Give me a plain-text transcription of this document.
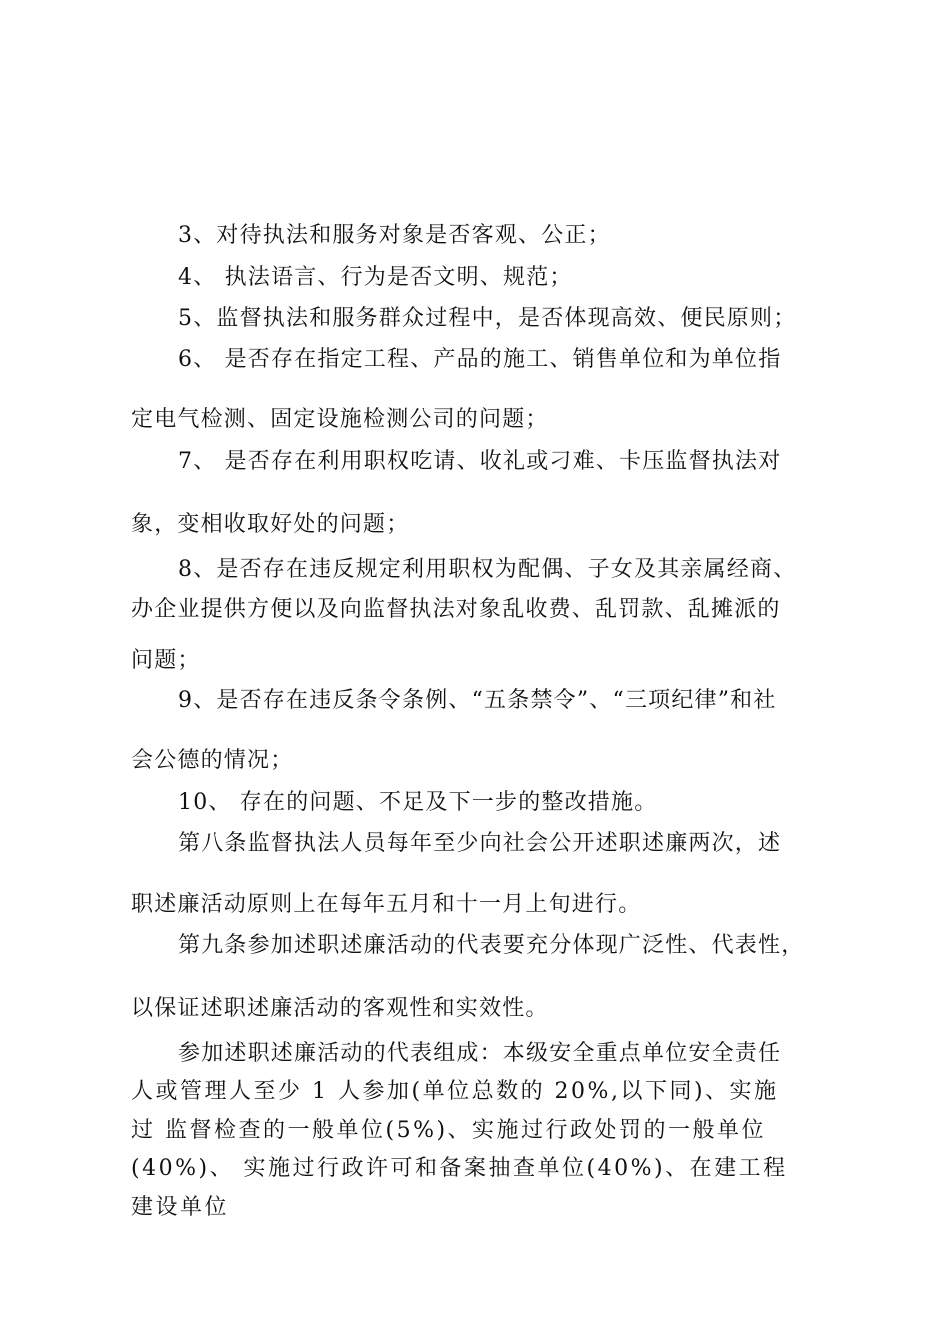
3、对待执法和服务对象是否客观、公正；
4、 执法语言、行为是否文明、规范；
5、监督执法和服务群众过程中，是否体现高效、便民原则；
6、 是否存在指定工程、产品的施工、销售单位和为单位指
定电气检测、固定设施检测公司的问题；
7、 是否存在利用职权吃请、收礼或刁难、卡压监督执法对
象，变相收取好处的问题；
8、是否存在违反规定利用职权为配偶、子女及其亲属经商、
办企业提供方便以及向监督执法对象乱收费、乱罚款、乱摊派的
问题；
9、是否存在违反条令条例、“五条禁令”、“三项纪律”和社
会公德的情况；
10、 存在的问题、不足及下一步的整改措施。
第八条监督执法人员每年至少向社会公开述职述廉两次，述
职述廉活动原则上在每年五月和十一月上旬进行。
第九条参加述职述廉活动的代表要充分体现广泛性、代表性，
以保证述职述廉活动的客观性和实效性。
参加述职述廉活动的代表组成：本级安全重点单位安全责任
人或管理人至少 1 人参加(单位总数的 20%,以下同)、实施
过 监督检查的一般单位(5%)、实施过行政处罚的一般单位
(40%)、 实施过行政许可和备案抽查单位(40%)、在建工程
建设单位
